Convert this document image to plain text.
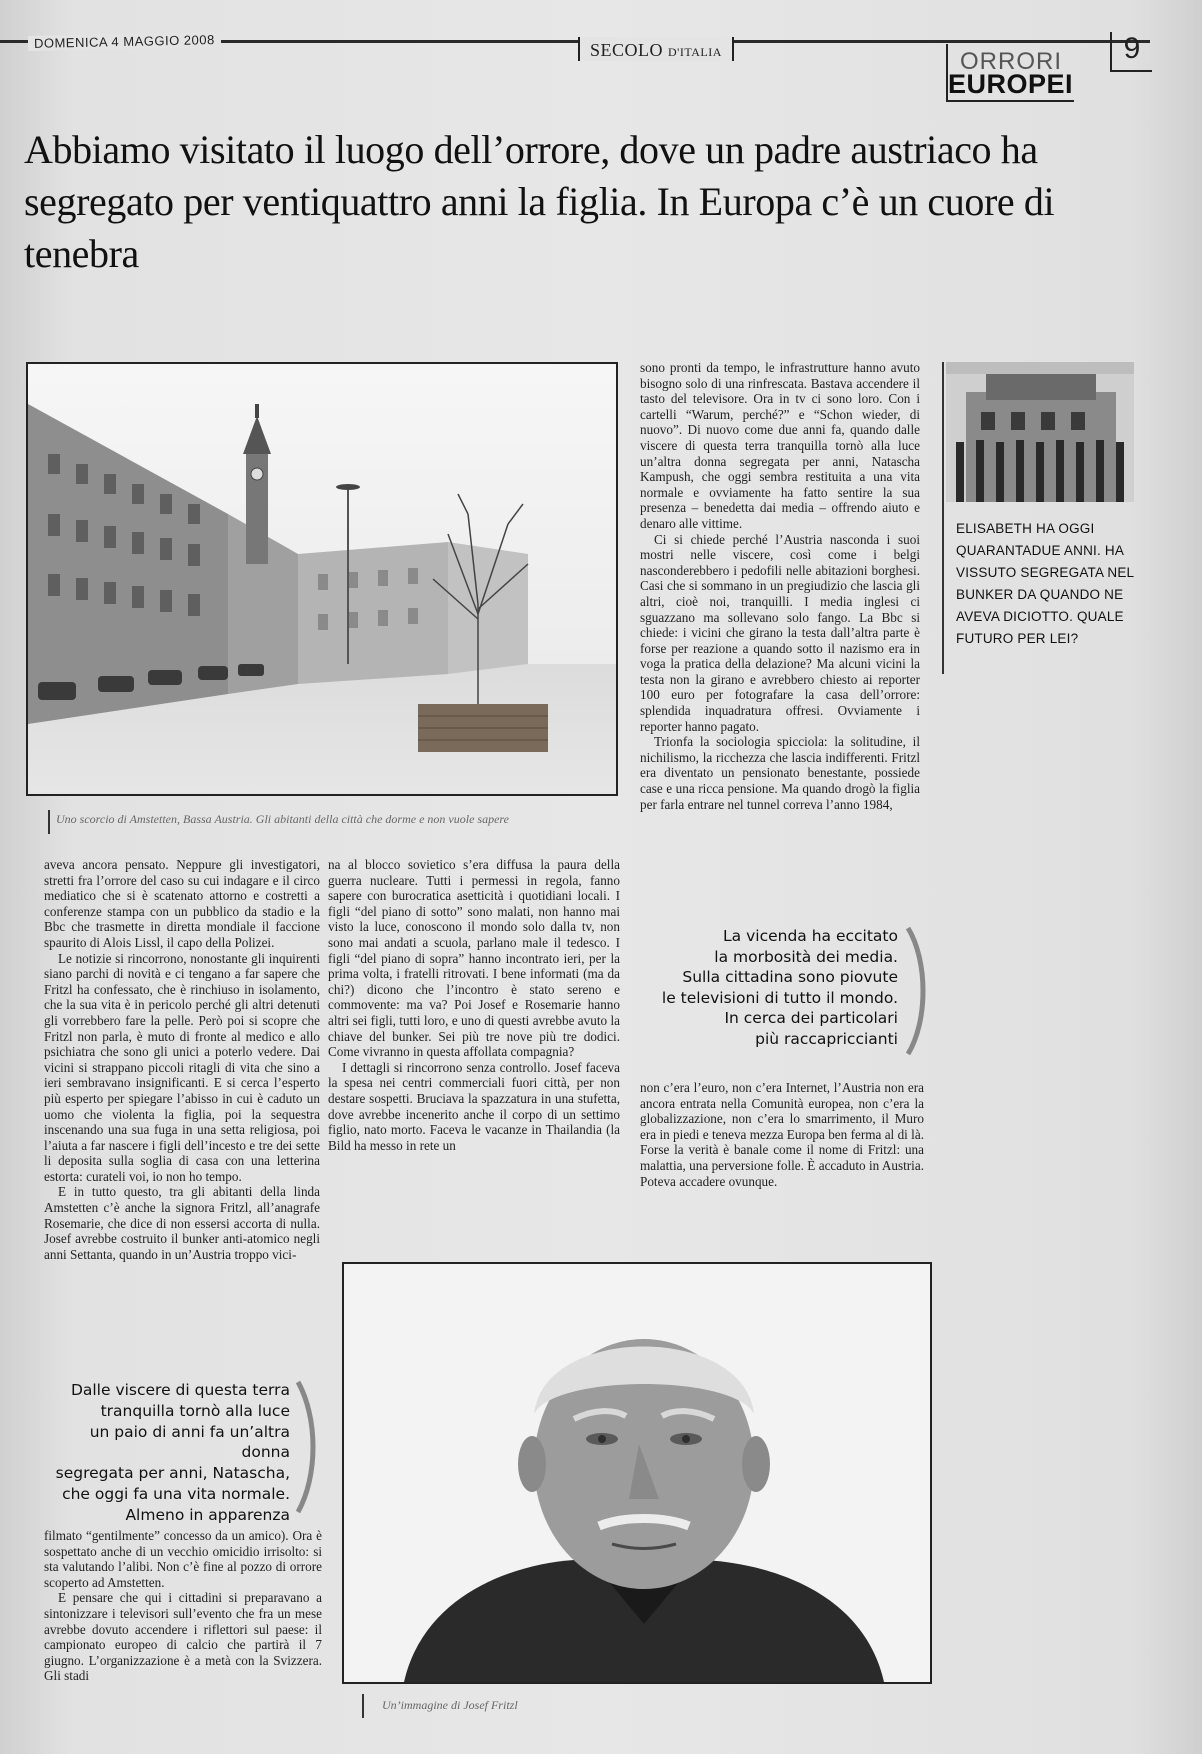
DOMENICA 4 MAGGIO 2008	SECOLO D'ITALIA	ORRORI
EUROPEI
9
Abbiamo visitato il luogo dell’orrore, dove un padre austriaco ha
segregato per ventiquattro anni la figlia. In Europa c’è un cuore di tenebra
Uno scorcio di Amstetten, Bassa Austria. Gli abitanti della città che dorme e non vuole sapere

aveva ancora pensato. Neppure gli investigatori, stretti fra l’orrore del caso su cui indagare e il circo mediatico che si è scatenato attorno e costretti a conferenze stampa con un pubblico da stadio e la Bbc che trasmette in diretta mondiale il faccione spaurito di Alois Lissl, il capo della Polizei.

Le notizie si rincorrono, nonostante gli inquirenti siano parchi di novità e ci tengano a far sapere che Fritzl ha confessato, che è rinchiuso in isolamento, che la sua vita è in pericolo perché gli altri detenuti gli vorrebbero fare la pelle. Però poi si scopre che Fritzl non parla, è muto di fronte al medico e allo psichiatra che sono gli unici a poterlo vedere. Dai vicini si strappano piccoli ritagli di vita che sino a ieri sembravano insignificanti. E si cerca l’esperto più esperto per spiegare l’abisso in cui è caduto un uomo che violenta la figlia, poi la sequestra inscenando una sua fuga in una setta religiosa, poi l’aiuta a far nascere i figli dell’incesto e tre dei sette li deposita sulla soglia di casa con una letterina estorta: curateli voi, io non ho tempo.

E in tutto questo, tra gli abitanti della linda Amstetten c’è anche la signora Fritzl, all’anagrafe Rosemarie, che dice di non essersi accorta di nulla. Josef avrebbe costruito il bunker anti-atomico negli anni Settanta, quando in un’Austria troppo vici-

na al blocco sovietico s’era diffusa la paura della guerra nucleare. Tutti i permessi in regola, fanno sapere con burocratica asetticità i quotidiani locali. I figli “del piano di sotto” sono malati, non hanno mai visto la luce, conoscono il mondo solo dalla tv, non sono mai andati a scuola, parlano male il tedesco. I figli “del piano di sopra” hanno incontrato ieri, per la prima volta, i fratelli ritrovati. I bene informati (ma da chi?) dicono che l’incontro è stato sereno e commovente: ma va? Poi Josef e Rosemarie hanno altri sei figli, tutti loro, e uno di questi avrebbe avuto la chiave del bunker. Sei più tre nove più tre dodici. Come vivranno in questa affollata compagnia?

I dettagli si rincorrono senza controllo. Josef faceva la spesa nei centri commerciali fuori città, per non destare sospetti. Bruciava la spazzatura in una stufetta, dove avrebbe incenerito anche il corpo di un settimo figlio, nato morto. Faceva le vacanze in Thailandia (la Bild ha messo in rete un

sono pronti da tempo, le infrastrutture hanno avuto bisogno solo di una rinfrescata. Bastava accendere il tasto del televisore. Ora in tv ci sono loro. Con i cartelli “Warum, perché?” e “Schon wieder, di nuovo”. Di nuovo come due anni fa, quando dalle viscere di questa terra tranquilla tornò alla luce un’altra donna segregata per anni, Natascha Kampush, che oggi sembra restituita a una vita normale e ovviamente ha fatto sentire la sua presenza – benedetta dai media – offrendo aiuto e denaro alle vittime.

Ci si chiede perché l’Austria nasconda i suoi mostri nelle viscere, così come i belgi nasconderebbero i pedofili nelle abitazioni borghesi. Casi che si sommano in un pregiudizio che lascia gli altri, cioè noi, tranquilli. I media inglesi ci sguazzano ma sollevano solo fango. La Bbc si chiede: i vicini che girano la testa dall’altra parte è forse per reazione a quando sotto il nazismo era in voga la pratica della delazione? Ma alcuni vicini la testa non la girano e avrebbero chiesto ai reporter 100 euro per fotografare la casa dell’orrore: splendida inquadratura offresi. Ovviamente i reporter hanno pagato.

Trionfa la sociologia spicciola: la solitudine, il nichilismo, la ricchezza che lascia indifferenti. Fritzl era diventato un pensionato benestante, possiede case e una ricca pensione. Ma quando drogò la figlia per farla entrare nel tunnel correva l’anno 1984,

non c’era l’euro, non c’era Internet, l’Austria non era ancora entrata nella Comunità europea, non c’era la globalizzazione, non c’era lo smarrimento, il Muro era in piedi e teneva mezza Europa ben ferma al di là. Forse la verità è banale come il nome di Fritzl: una malattia, una perversione folle. È accaduto in Austria. Poteva accadere ovunque.

filmato “gentilmente” concesso da un amico). Ora è sospettato anche di un vecchio omicidio irrisolto: si sta valutando l’alibi. Non c’è fine al pozzo di orrore scoperto ad Amstetten.

E pensare che qui i cittadini si preparavano a sintonizzare i televisori sull’evento che fra un mese avrebbe dovuto accendere i riflettori sul paese: il campionato europeo di calcio che partirà il 7 giugno. L’organizzazione è a metà con la Svizzera. Gli stadi

ELISABETH HA OGGI QUARANTADUE ANNI. HA VISSUTO SEGREGATA NEL BUNKER DA QUANDO NE AVEVA DICIOTTO. QUALE FUTURO PER LEI?
La vicenda ha eccitato
la morbosità dei media.
Sulla cittadina sono piovute
le televisioni di tutto il mondo.
In cerca dei particolari
più raccapriccianti
Dalle viscere di questa terra
tranquilla tornò alla luce
un paio di anni fa un’altra donna
segregata per anni, Natascha,
che oggi fa una vita normale.
Almeno in apparenza
Un’immagine di Josef Fritzl
